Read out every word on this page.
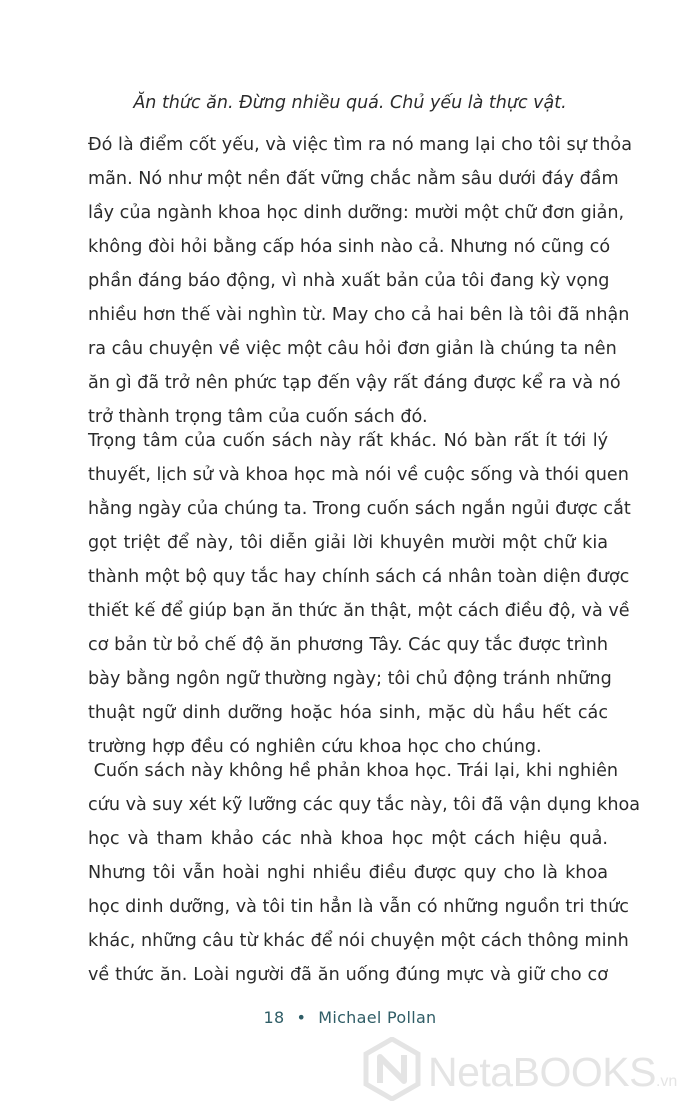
Ăn thức ăn. Đừng nhiều quá. Chủ yếu là thực vật.
Đó là điểm cốt yếu, và việc tìm ra nó mang lại cho tôi sự thỏa
mãn. Nó như một nền đất vững chắc nằm sâu dưới đáy đầm
lầy của ngành khoa học dinh dưỡng: mười một chữ đơn giản,
không đòi hỏi bằng cấp hóa sinh nào cả. Nhưng nó cũng có
phần đáng báo động, vì nhà xuất bản của tôi đang kỳ vọng
nhiều hơn thế vài nghìn từ. May cho cả hai bên là tôi đã nhận
ra câu chuyện về việc một câu hỏi đơn giản là chúng ta nên
ăn gì đã trở nên phức tạp đến vậy rất đáng được kể ra và nó
trở thành trọng tâm của cuốn sách đó.
Trọng tâm của cuốn sách này rất khác. Nó bàn rất ít tới lý
thuyết, lịch sử và khoa học mà nói về cuộc sống và thói quen
hằng ngày của chúng ta. Trong cuốn sách ngắn ngủi được cắt
gọt triệt để này, tôi diễn giải lời khuyên mười một chữ kia
thành một bộ quy tắc hay chính sách cá nhân toàn diện được
thiết kế để giúp bạn ăn thức ăn thật, một cách điều độ, và về
cơ bản từ bỏ chế độ ăn phương Tây. Các quy tắc được trình
bày bằng ngôn ngữ thường ngày; tôi chủ động tránh những
thuật ngữ dinh dưỡng hoặc hóa sinh, mặc dù hầu hết các
trường hợp đều có nghiên cứu khoa học cho chúng.
Cuốn sách này không hề phản khoa học. Trái lại, khi nghiên
cứu và suy xét kỹ lưỡng các quy tắc này, tôi đã vận dụng khoa
học và tham khảo các nhà khoa học một cách hiệu quả.
Nhưng tôi vẫn hoài nghi nhiều điều được quy cho là khoa
học dinh dưỡng, và tôi tin hẳn là vẫn có những nguồn tri thức
khác, những câu từ khác để nói chuyện một cách thông minh
về thức ăn. Loài người đã ăn uống đúng mực và giữ cho cơ
18 • Michael Pollan
NetaBOOKS.vn
